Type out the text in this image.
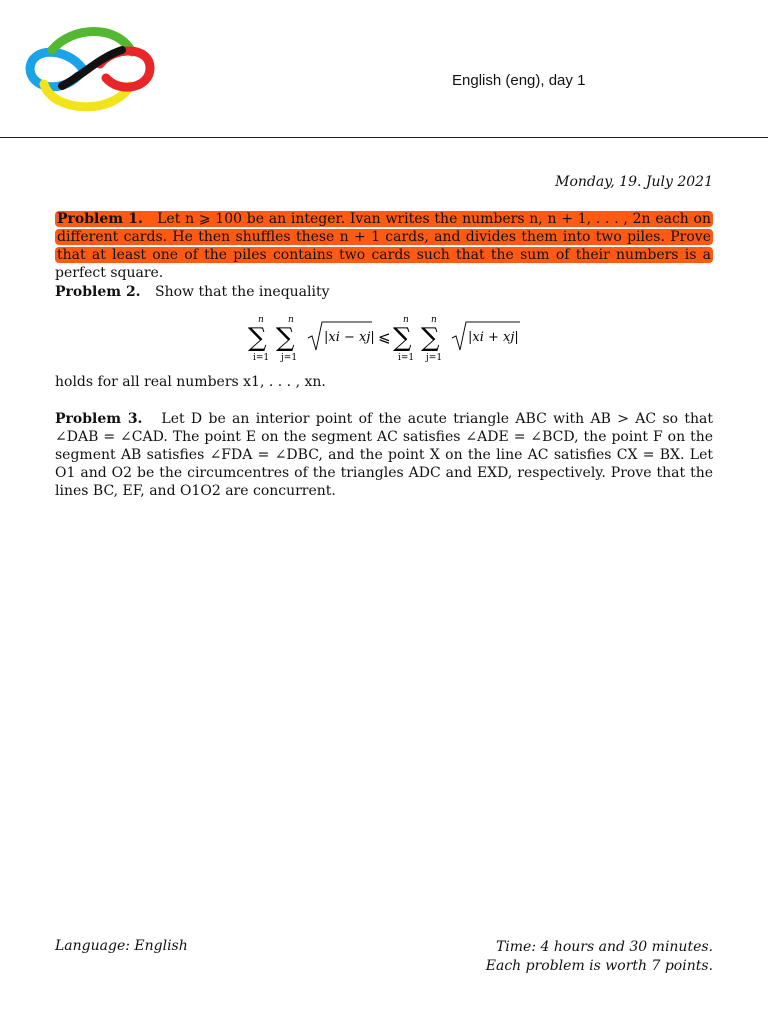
English (eng), day 1
Monday, 19. July 2021
Problem 1. Let n ⩾ 100 be an integer. Ivan writes the numbers n, n + 1, . . . , 2n each on different cards. He then shuffles these n + 1 cards, and divides them into two piles. Prove that at least one of the piles contains two cards such that the sum of their numbers is a perfect square.
Problem 2. Show that the inequality
n	n
∑ ∑
i=1 j=1
|xi − xj| ⩽
n n
∑ ∑
i=1 j=1
|xi + xj|
holds for all real numbers x1, . . . , xn.
Problem 3. Let D be an interior point of the acute triangle ABC with AB > AC so that ∠DAB = ∠CAD. The point E on the segment AC satisfies ∠ADE = ∠BCD, the point F on the segment AB satisfies ∠FDA = ∠DBC, and the point X on the line AC satisfies CX = BX. Let O1 and O2 be the circumcentres of the triangles ADC and EXD, respectively. Prove that the lines BC, EF, and O1O2 are concurrent.
Language: English	Time: 4 hours and 30 minutes.
Each problem is worth 7 points.
